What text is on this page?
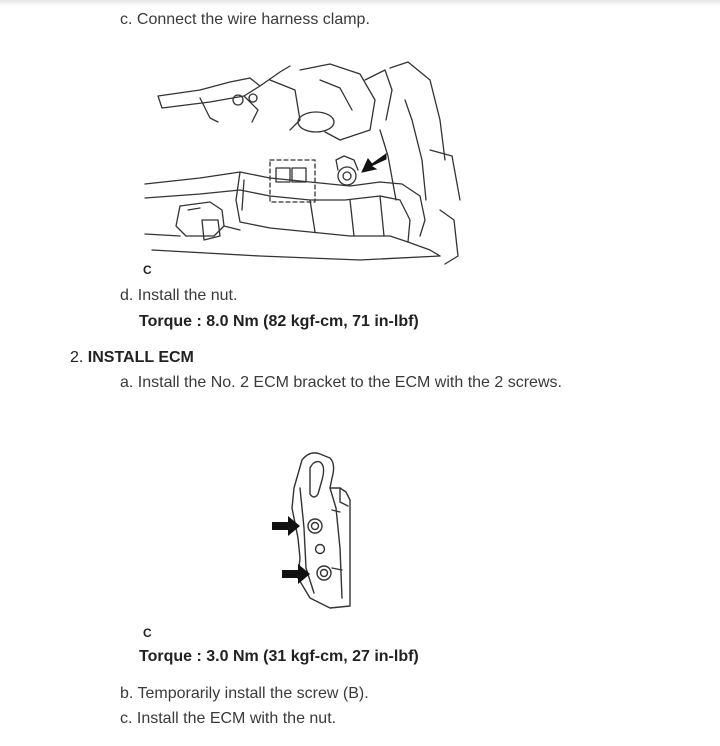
c. Connect the wire harness clamp.
C
d. Install the nut.
Torque : 8.0 Nm (82 kgf-cm, 71 in-lbf)
2. INSTALL ECM
a. Install the No. 2 ECM bracket to the ECM with the 2 screws.
C
Torque : 3.0 Nm (31 kgf-cm, 27 in-lbf)
b. Temporarily install the screw (B).
c. Install the ECM with the nut.
